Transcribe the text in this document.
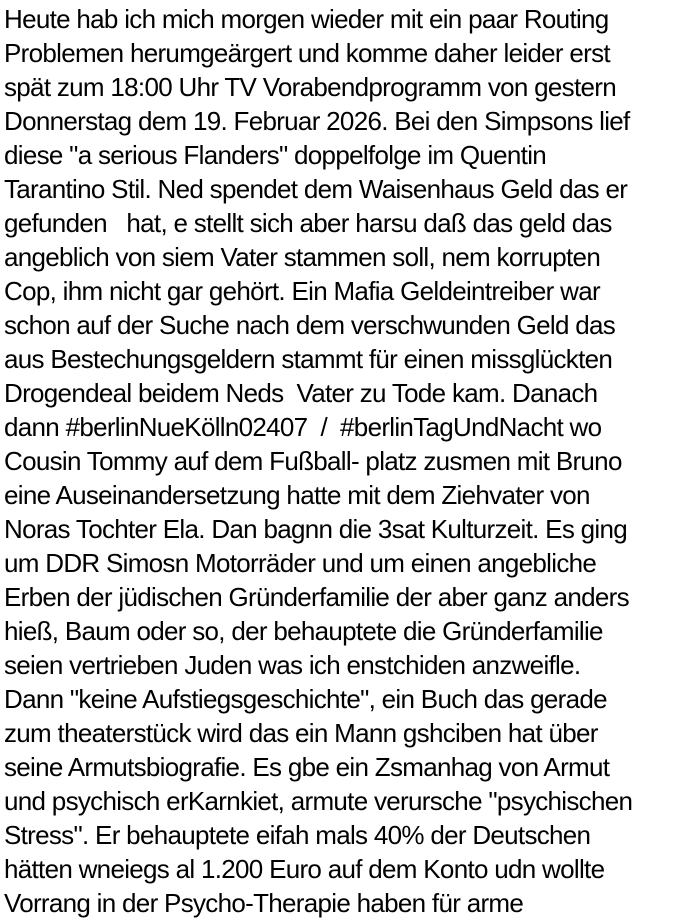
Heute hab ich mich morgen wieder mit ein paar Routing
Problemen herumgeärgert und komme daher leider erst
spät zum 18:00 Uhr TV Vorabendprogramm von gestern
Donnerstag dem 19. Februar 2026. Bei den Simpsons lief
diese "a serious Flanders" doppelfolge im Quentin
Tarantino Stil. Ned spendet dem Waisenhaus Geld das er
gefunden   hat, e stellt sich aber harsu daß das geld das
angeblich von siem Vater stammen soll, nem korrupten
Cop, ihm nicht gar gehört. Ein Mafia Geldeintreiber war
schon auf der Suche nach dem verschwunden Geld das
aus Bestechungsgeldern stammt für einen missglückten
Drogendeal beidem Neds  Vater zu Tode kam. Danach
dann #berlinNueKölln02407  /  #berlinTagUndNacht wo
Cousin Tommy auf dem Fußball- platz zusmen mit Bruno
eine Auseinandersetzung hatte mit dem Ziehvater von
Noras Tochter Ela. Dan bagnn die 3sat Kulturzeit. Es ging
um DDR Simosn Motorräder und um einen angebliche
Erben der jüdischen Gründerfamilie der aber ganz anders
hieß, Baum oder so, der behauptete die Gründerfamilie
seien vertrieben Juden was ich enstchiden anzweifle.
Dann "keine Aufstiegsgeschichte", ein Buch das gerade
zum theaterstück wird das ein Mann gshciben hat über
seine Armutsbiografie. Es gbe ein Zsmanhag von Armut
und psychisch erKarnkiet, armute verursche "psychischen
Stress". Er behauptete eifah mals 40% der Deutschen
hätten wneiegs al 1.200 Euro auf dem Konto udn wollte
Vorrang in der Psycho-Therapie haben für arme
